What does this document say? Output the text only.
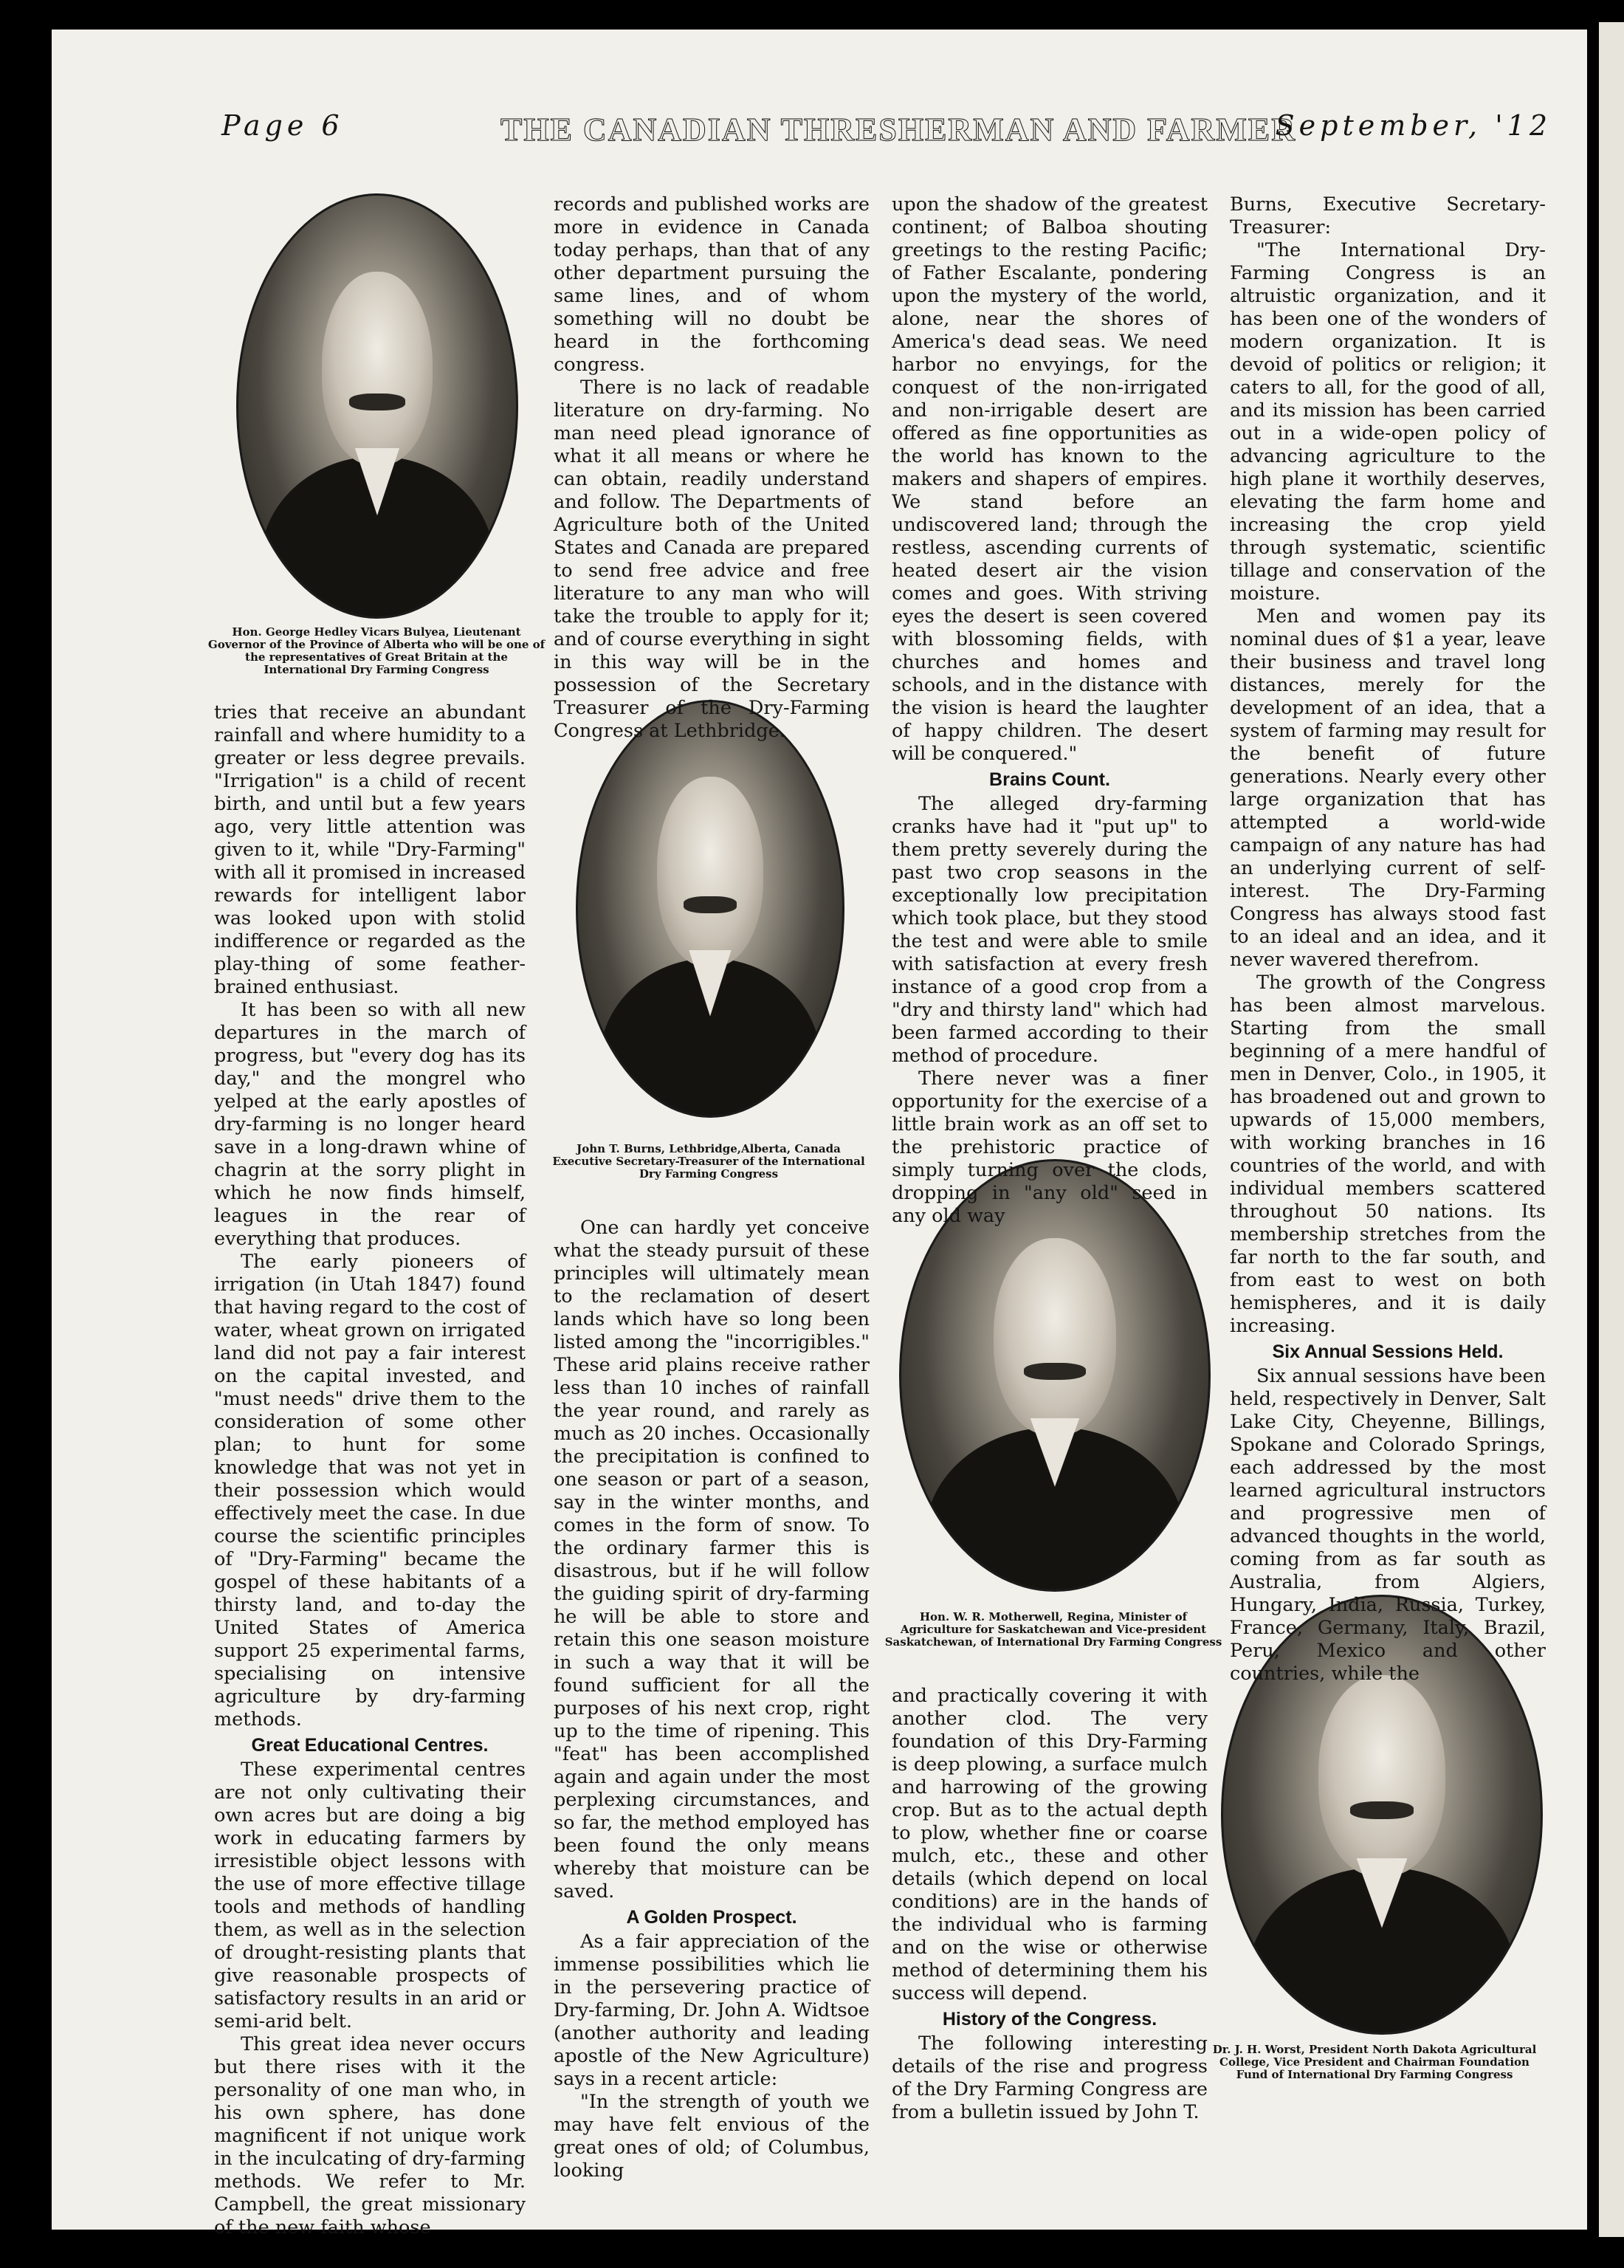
Page 6	THE CANADIAN THRESHERMAN AND FARMER
September, '12
Hon. George Hedley Vicars Bulyea, Lieutenant Governor of the Province of Alberta who will be one of the representatives of Great Britain at the International Dry Farming Congress
John T. Burns, Lethbridge,Alberta, Canada Executive Secretary-Treasurer of the International Dry Farming Congress
Hon. W. R. Motherwell, Regina, Minister of Agriculture for Saskatchewan and Vice-president Saskatchewan, of International Dry Farming Congress
Dr. J. H. Worst, President North Dakota Agricultural College, Vice President and Chairman Foundation Fund of International Dry Farming Congress

tries that receive an abundant rainfall and where humidity to a greater or less degree prevails. "Irrigation" is a child of recent birth, and until but a few years ago, very little attention was given to it, while "Dry-Farming" with all it promised in increased rewards for intelligent labor was looked upon with stolid indifference or regarded as the play-thing of some feather-brained enthusiast.

It has been so with all new departures in the march of progress, but "every dog has its day," and the mongrel who yelped at the early apostles of dry-farming is no longer heard save in a long-drawn whine of chagrin at the sorry plight in which he now finds himself, leagues in the rear of everything that produces.

The early pioneers of irrigation (in Utah 1847) found that having regard to the cost of water, wheat grown on irrigated land did not pay a fair interest on the capital invested, and "must needs" drive them to the consideration of some other plan; to hunt for some knowledge that was not yet in their possession which would effectively meet the case. In due course the scientific principles of "Dry-Farming" became the gospel of these habitants of a thirsty land, and to-day the United States of America support 25 experimental farms, specialising on intensive agriculture by dry-farming methods.

Great Educational Centres.

These experimental centres are not only cultivating their own acres but are doing a big work in educating farmers by irresistible object lessons with the use of more effective tillage tools and methods of handling them, as well as in the selection of drought-resisting plants that give reasonable prospects of satisfactory results in an arid or semi-arid belt.

This great idea never occurs but there rises with it the personality of one man who, in his own sphere, has done magnificent if not unique work in the inculcating of dry-farming methods. We refer to Mr. Campbell, the great missionary of the new faith whose

records and published works are more in evidence in Canada today perhaps, than that of any other department pursuing the same lines, and of whom something will no doubt be heard in the forthcoming congress.

There is no lack of readable literature on dry-farming. No man need plead ignorance of what it all means or where he can obtain, readily understand and follow. The Departments of Agriculture both of the United States and Canada are prepared to send free advice and free literature to any man who will take the trouble to apply for it; and of course everything in sight in this way will be in the possession of the Secretary Treasurer of the Dry-Farming Congress at Lethbridge.

One can hardly yet conceive what the steady pursuit of these principles will ultimately mean to the reclamation of desert lands which have so long been listed among the "incorrigibles." These arid plains receive rather less than 10 inches of rainfall the year round, and rarely as much as 20 inches. Occasionally the precipitation is confined to one season or part of a season, say in the winter months, and comes in the form of snow. To the ordinary farmer this is disastrous, but if he will follow the guiding spirit of dry-farming he will be able to store and retain this one season moisture in such a way that it will be found sufficient for all the purposes of his next crop, right up to the time of ripening. This "feat" has been accomplished again and again under the most perplexing circumstances, and so far, the method employed has been found the only means whereby that moisture can be saved.

A Golden Prospect.

As a fair appreciation of the immense possibilities which lie in the persevering practice of Dry-farming, Dr. John A. Widtsoe (another authority and leading apostle of the New Agriculture) says in a recent article:

"In the strength of youth we may have felt envious of the great ones of old; of Columbus, looking

upon the shadow of the greatest continent; of Balboa shouting greetings to the resting Pacific; of Father Escalante, pondering upon the mystery of the world, alone, near the shores of America's dead seas. We need harbor no envyings, for the conquest of the non-irrigated and non-irrigable desert are offered as fine opportunities as the world has known to the makers and shapers of empires. We stand before an undiscovered land; through the restless, ascending currents of heated desert air the vision comes and goes. With striving eyes the desert is seen covered with blossoming fields, with churches and homes and schools, and in the distance with the vision is heard the laughter of happy children. The desert will be conquered."

Brains Count.

The alleged dry-farming cranks have had it "put up" to them pretty severely during the past two crop seasons in the exceptionally low precipitation which took place, but they stood the test and were able to smile with satisfaction at every fresh instance of a good crop from a "dry and thirsty land" which had been farmed according to their method of procedure.

There never was a finer opportunity for the exercise of a little brain work as an off set to the prehistoric practice of simply turning over the clods, dropping in "any old" seed in any old way

and practically covering it with another clod. The very foundation of this Dry-Farming is deep plowing, a surface mulch and harrowing of the growing crop. But as to the actual depth to plow, whether fine or coarse mulch, etc., these and other details (which depend on local conditions) are in the hands of the individual who is farming and on the wise or otherwise method of determining them his success will depend.

History of the Congress.

The following interesting details of the rise and progress of the Dry Farming Congress are from a bulletin issued by John T.

Burns, Executive Secretary-Treasurer:

"The International Dry-Farming Congress is an altruistic organization, and it has been one of the wonders of modern organization. It is devoid of politics or religion; it caters to all, for the good of all, and its mission has been carried out in a wide-open policy of advancing agriculture to the high plane it worthily deserves, elevating the farm home and increasing the crop yield through systematic, scientific tillage and conservation of the moisture.

Men and women pay its nominal dues of $1 a year, leave their business and travel long distances, merely for the development of an idea, that a system of farming may result for the benefit of future generations. Nearly every other large organization that has attempted a world-wide campaign of any nature has had an underlying current of self-interest. The Dry-Farming Congress has always stood fast to an ideal and an idea, and it never wavered therefrom.

The growth of the Congress has been almost marvelous. Starting from the small beginning of a mere handful of men in Denver, Colo., in 1905, it has broadened out and grown to upwards of 15,000 members, with working branches in 16 countries of the world, and with individual members scattered throughout 50 nations. Its membership stretches from the far north to the far south, and from east to west on both hemispheres, and it is daily increasing.

Six Annual Sessions Held.

Six annual sessions have been held, respectively in Denver, Salt Lake City, Cheyenne, Billings, Spokane and Colorado Springs, each addressed by the most learned agricultural instructors and progressive men of advanced thoughts in the world, coming from as far south as Australia, from Algiers, Hungary, India, Russia, Turkey, France, Germany, Italy, Brazil, Peru, Mexico and other countries, while the
